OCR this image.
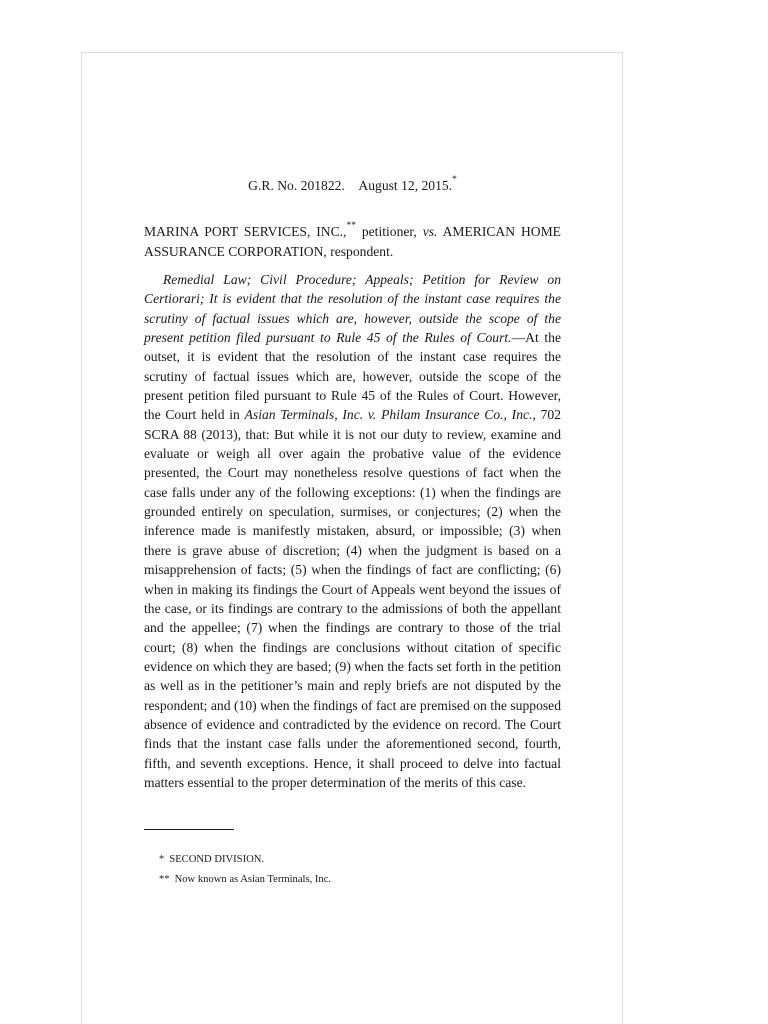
G.R. No. 201822. August 12, 2015.*

MARINA PORT SERVICES, INC.,** petitioner, vs. AMERICAN HOME ASSURANCE CORPORATION, respondent.

Remedial Law; Civil Procedure; Appeals; Petition for Review on Certiorari; It is evident that the resolution of the instant case requires the scrutiny of factual issues which are, however, outside the scope of the present petition filed pursuant to Rule 45 of the Rules of Court.—At the outset, it is evident that the resolution of the instant case requires the scrutiny of factual issues which are, however, outside the scope of the present petition filed pursuant to Rule 45 of the Rules of Court. However, the Court held in Asian Terminals, Inc. v. Philam Insurance Co., Inc., 702 SCRA 88 (2013), that: But while it is not our duty to review, examine and evaluate or weigh all over again the probative value of the evidence presented, the Court may nonetheless resolve questions of fact when the case falls under any of the following exceptions: (1) when the findings are grounded entirely on speculation, surmises, or conjectures; (2) when the inference made is manifestly mistaken, absurd, or impossible; (3) when there is grave abuse of discretion; (4) when the judgment is based on a misapprehension of facts; (5) when the findings of fact are conflicting; (6) when in making its findings the Court of Appeals went beyond the issues of the case, or its findings are contrary to the admissions of both the appellant and the appellee; (7) when the findings are contrary to those of the trial court; (8) when the findings are conclusions without citation of specific evidence on which they are based; (9) when the facts set forth in the petition as well as in the petitioner’s main and reply briefs are not disputed by the respondent; and (10) when the findings of fact are premised on the supposed absence of evidence and contradicted by the evidence on record. The Court finds that the instant case falls under the aforementioned second, fourth, fifth, and seventh exceptions. Hence, it shall proceed to delve into factual matters essential to the proper determination of the merits of this case.

* SECOND DIVISION.
** Now known as Asian Terminals, Inc.
